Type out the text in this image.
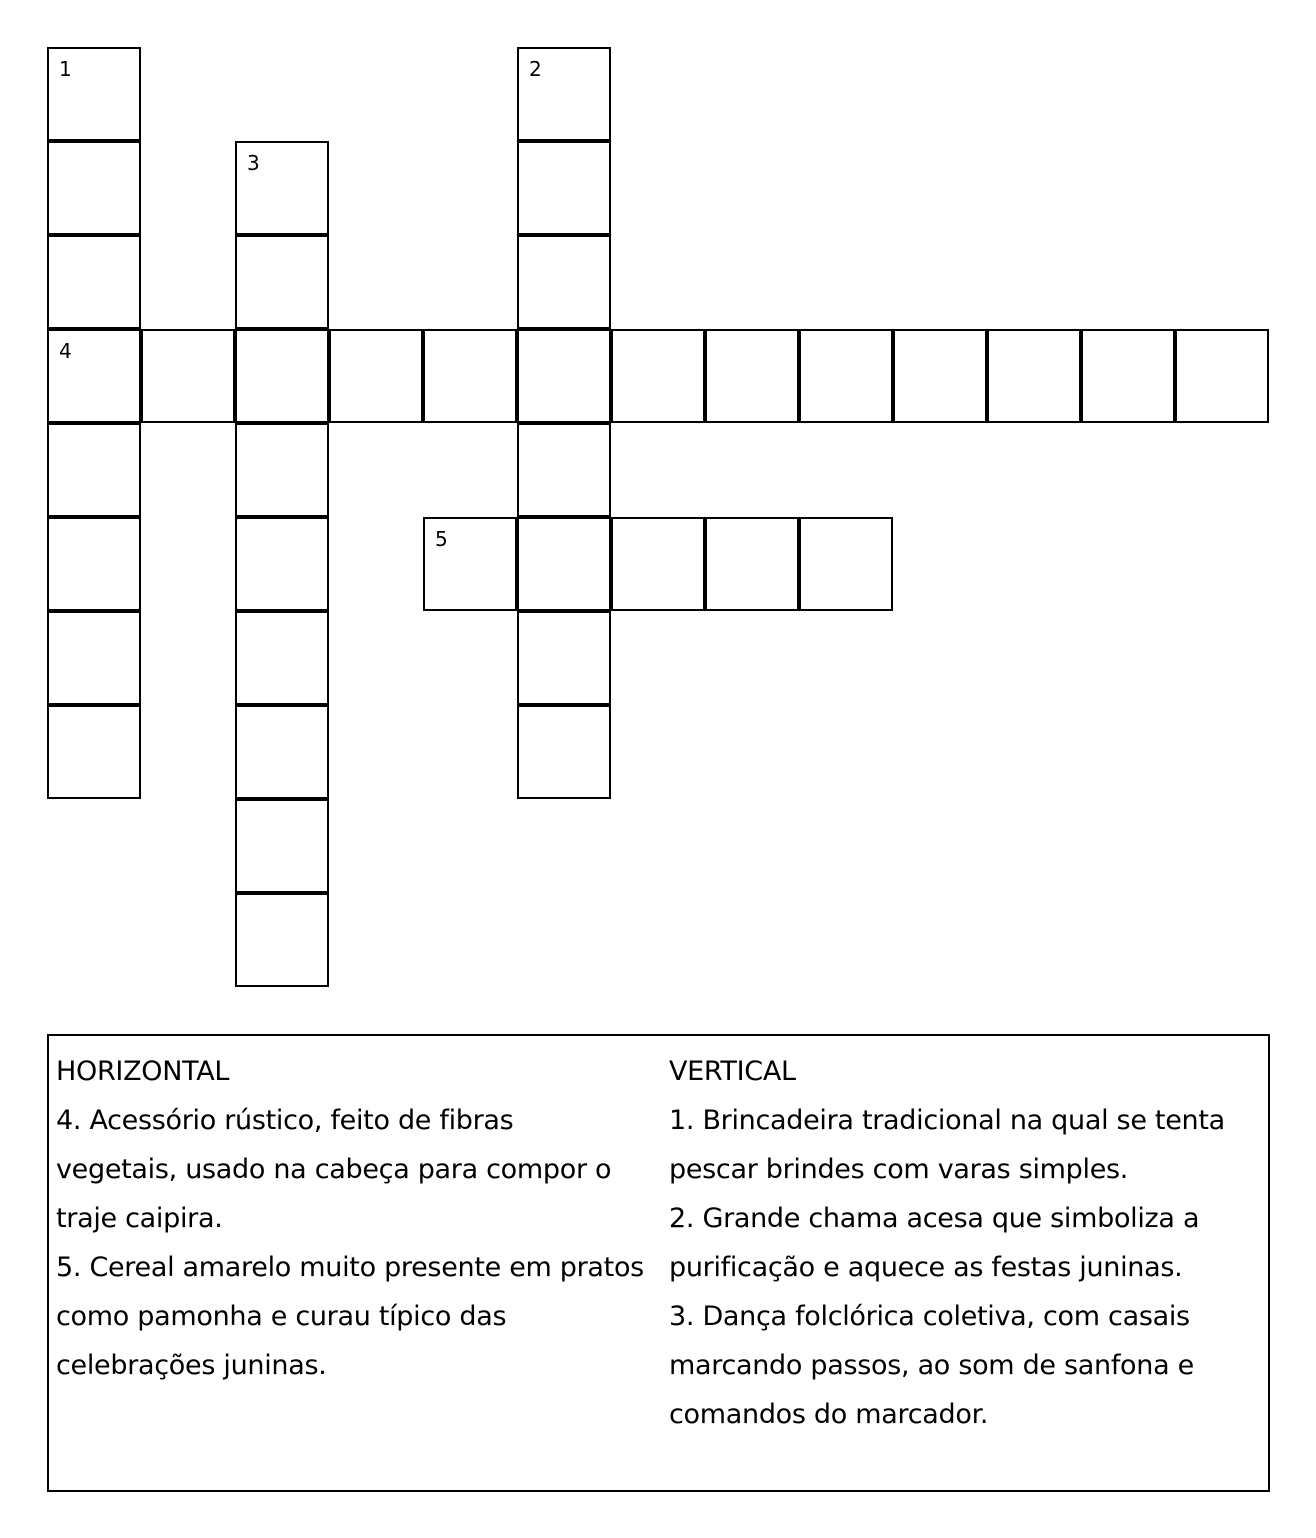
1
4
3
2
5
HORIZONTAL
4. Acessório rústico, feito de fibras
vegetais, usado na cabeça para compor o
traje caipira.
5. Cereal amarelo muito presente em pratos
como pamonha e curau típico das
celebrações juninas.
VERTICAL
1. Brincadeira tradicional na qual se tenta
pescar brindes com varas simples.
2. Grande chama acesa que simboliza a
purificação e aquece as festas juninas.
3. Dança folclórica coletiva, com casais
marcando passos, ao som de sanfona e
comandos do marcador.
